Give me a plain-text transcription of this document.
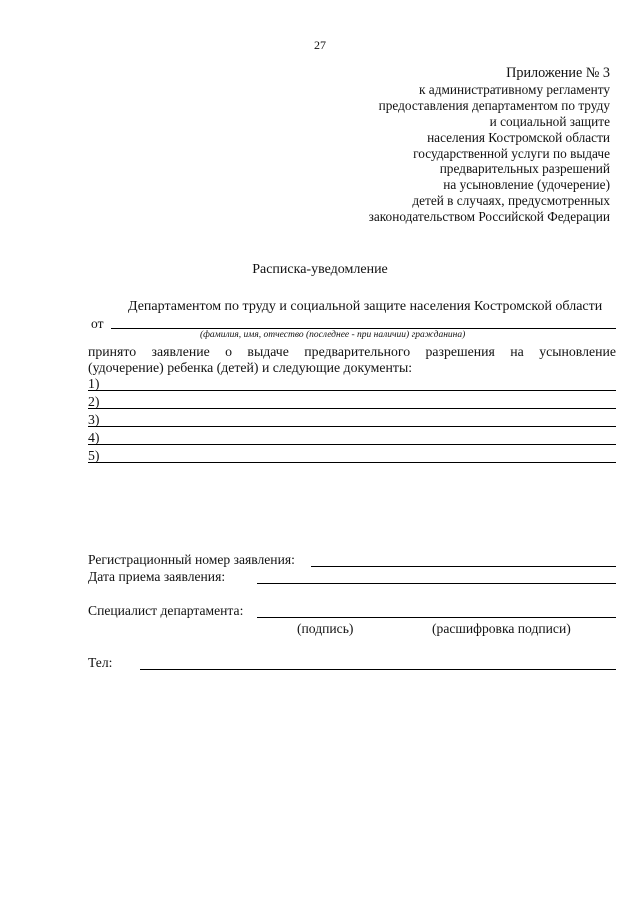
27
Приложение № 3
к административному регламенту
предоставления департаментом по труду
и социальной защите
населения Костромской области
государственной услуги по выдаче
предварительных разрешений
на усыновление (удочерение)
детей в случаях, предусмотренных
законодательством Российской Федерации
Расписка-уведомление
Департаментом по труду и социальной защите населения Костромской области
от
(фамилия, имя, отчество (последнее - при наличии) гражданина)
принято заявление о выдаче предварительного разрешения на усыновление
(удочерение) ребенка (детей) и следующие документы:
1)
2)
3)
4)
5)
Регистрационный номер заявления:
Дата приема заявления:
Специалист департамента:
(подпись)	(расшифровка подписи)
Тел:
